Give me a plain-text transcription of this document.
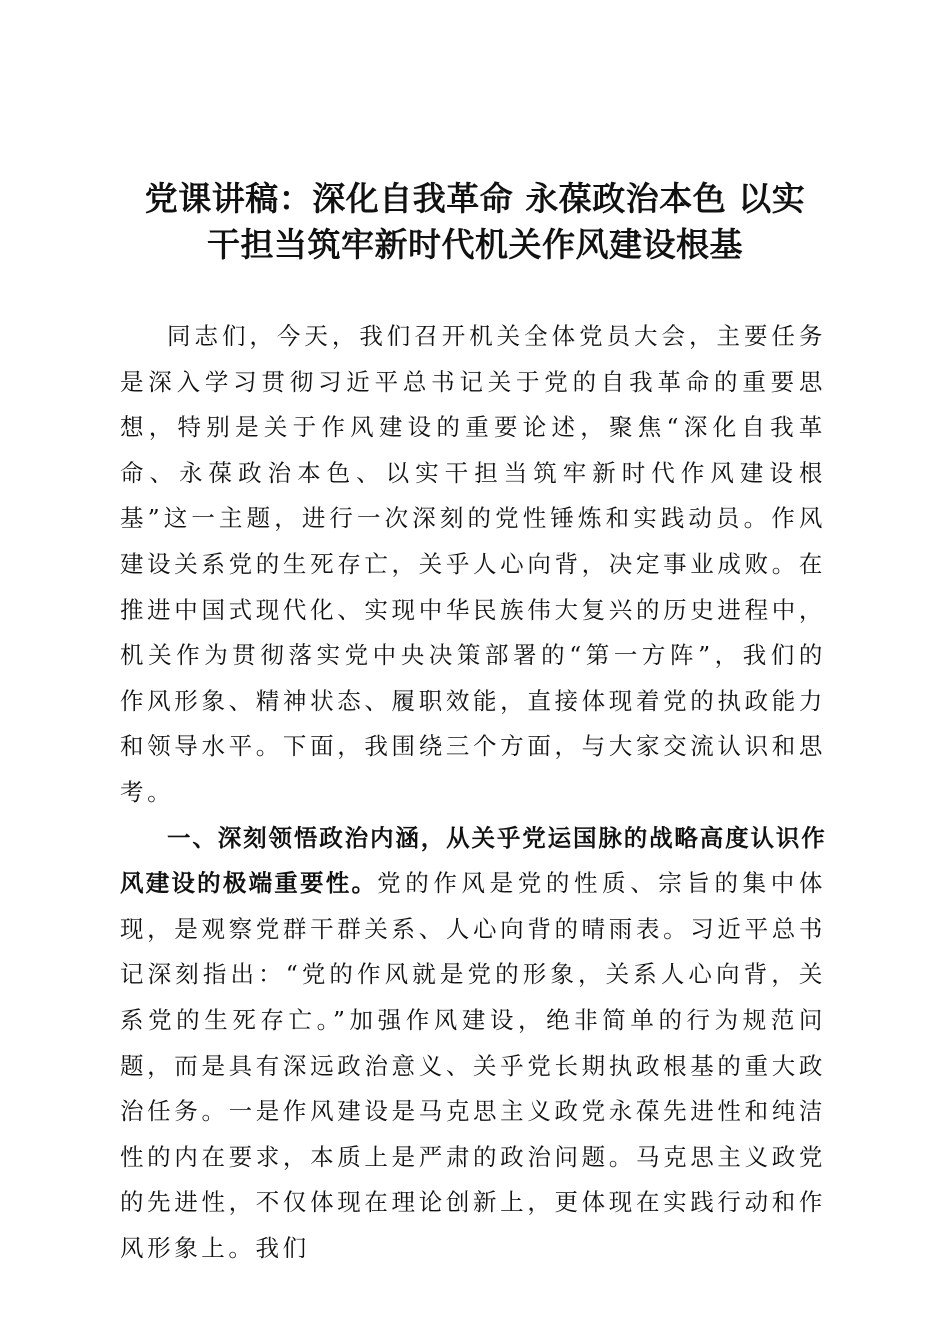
党课讲稿：深化自我革命 永葆政治本色 以实
干担当筑牢新时代机关作风建设根基

同志们，今天，我们召开机关全体党员大会，主要任务是深入学习贯彻习近平总书记关于党的自我革命的重要思想，特别是关于作风建设的重要论述，聚焦“深化自我革命、永葆政治本色、以实干担当筑牢新时代作风建设根基”这一主题，进行一次深刻的党性锤炼和实践动员。作风建设关系党的生死存亡，关乎人心向背，决定事业成败。在推进中国式现代化、实现中华民族伟大复兴的历史进程中，机关作为贯彻落实党中央决策部署的“第一方阵”，我们的作风形象、精神状态、履职效能，直接体现着党的执政能力和领导水平。下面，我围绕三个方面，与大家交流认识和思考。

一、深刻领悟政治内涵，从关乎党运国脉的战略高度认识作风建设的极端重要性。党的作风是党的性质、宗旨的集中体现，是观察党群干群关系、人心向背的晴雨表。习近平总书记深刻指出：“党的作风就是党的形象，关系人心向背，关系党的生死存亡。”加强作风建设，绝非简单的行为规范问题，而是具有深远政治意义、关乎党长期执政根基的重大政治任务。一是作风建设是马克思主义政党永葆先进性和纯洁性的内在要求，本质上是严肃的政治问题。马克思主义政党的先进性，不仅体现在理论创新上，更体现在实践行动和作风形象上。我们
